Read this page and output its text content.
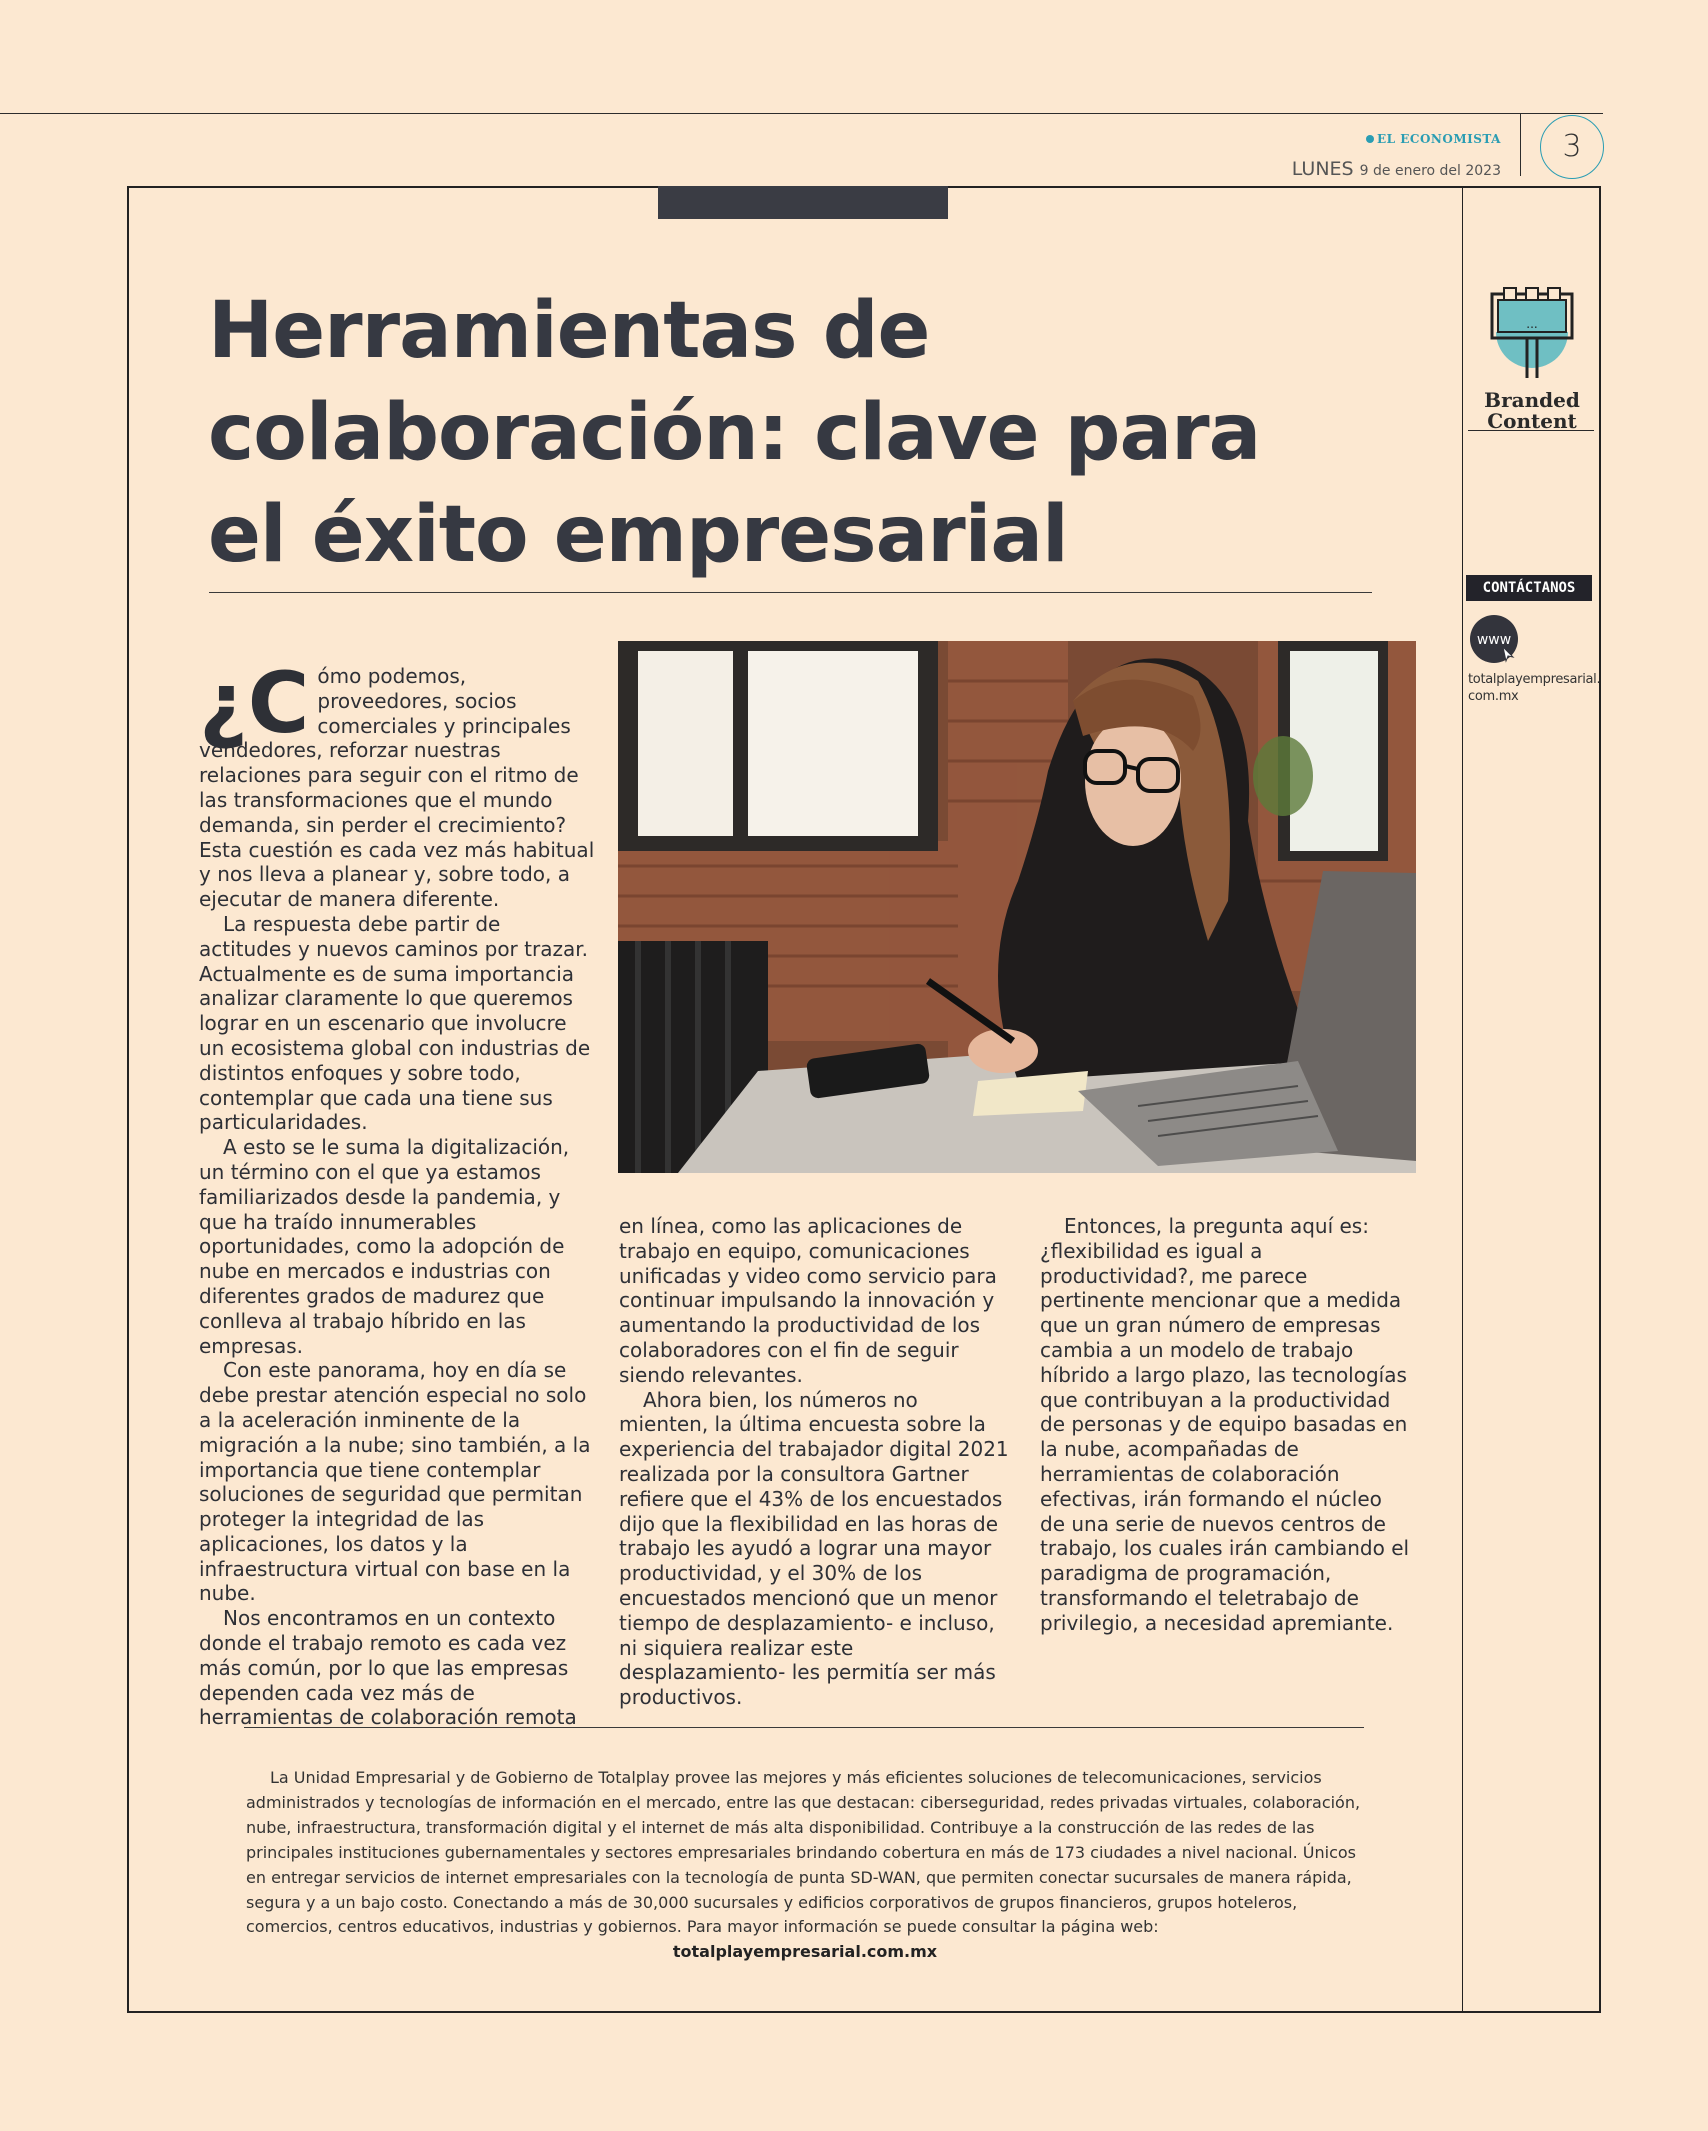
EL ECONOMISTA
LUNES 9 de enero del 2023
3
Herramientas de
colaboración: clave para
el éxito empresarial

¿C ómo podemos, proveedores, socios comerciales y principales vendedores, reforzar nuestras relaciones para seguir con el ritmo de las transformaciones que el mundo demanda, sin perder el crecimiento? Esta cuestión es cada vez más habitual y nos lleva a planear y, sobre todo, a ejecutar de manera diferente.

La respuesta debe partir de actitudes y nuevos caminos por trazar. Actualmente es de suma importancia analizar claramente lo que queremos lograr en un escenario que involucre un ecosistema global con industrias de distintos enfoques y sobre todo, contemplar que cada una tiene sus particularidades.

A esto se le suma la digitalización, un término con el que ya estamos familiarizados desde la pandemia, y que ha traído innumerables oportunidades, como la adopción de nube en mercados e industrias con diferentes grados de madurez que conlleva al trabajo híbrido en las empresas.

Con este panorama, hoy en día se debe prestar atención especial no solo a la aceleración inminente de la migración a la nube; sino también, a la importancia que tiene contemplar soluciones de seguridad que permitan proteger la integridad de las aplicaciones, los datos y la infraestructura virtual con base en la nube.

Nos encontramos en un contexto donde el trabajo remoto es cada vez más común, por lo que las empresas dependen cada vez más de herramientas de colaboración remota

en línea, como las aplicaciones de trabajo en equipo, comunicaciones unificadas y video como servicio para continuar impulsando la innovación y aumentando la productividad de los colaboradores con el fin de seguir siendo relevantes.

Ahora bien, los números no mienten, la última encuesta sobre la experiencia del trabajador digital 2021 realizada por la consultora Gartner refiere que el 43% de los encuestados dijo que la flexibilidad en las horas de trabajo les ayudó a lograr una mayor productividad, y el 30% de los encuestados mencionó que un menor tiempo de desplazamiento- e incluso, ni siquiera realizar este desplazamiento- les permitía ser más productivos.

Entonces, la pregunta aquí es: ¿flexibilidad es igual a productividad?, me parece pertinente mencionar que a medida que un gran número de empresas cambia a un modelo de trabajo híbrido a largo plazo, las tecnologías que contribuyan a la productividad de personas y de equipo basadas en la nube, acompañadas de herramientas de colaboración efectivas, irán formando el núcleo de una serie de nuevos centros de trabajo, los cuales irán cambiando el paradigma de programación, transformando el teletrabajo de privilegio, a necesidad apremiante.

La Unidad Empresarial y de Gobierno de Totalplay provee las mejores y más eficientes soluciones de telecomunicaciones, servicios administrados y tecnologías de información en el mercado, entre las que destacan: ciberseguridad, redes privadas virtuales, colaboración, nube, infraestructura, transformación digital y el internet de más alta disponibilidad. Contribuye a la construcción de las redes de las principales instituciones gubernamentales y sectores empresariales brindando cobertura en más de 173 ciudades a nivel nacional. Únicos en entregar servicios de internet empresariales con la tecnología de punta SD-WAN, que permiten conectar sucursales de manera rápida, segura y a un bajo costo. Conectando a más de 30,000 sucursales y edificios corporativos de grupos financieros, grupos hoteleros, comercios, centros educativos, industrias y gobiernos. Para mayor información se puede consultar la página web:

totalplayempresarial.com.mx
...
Branded
Content
CONTÁCTANOS
www
totalplayempresarial.
com.mx
